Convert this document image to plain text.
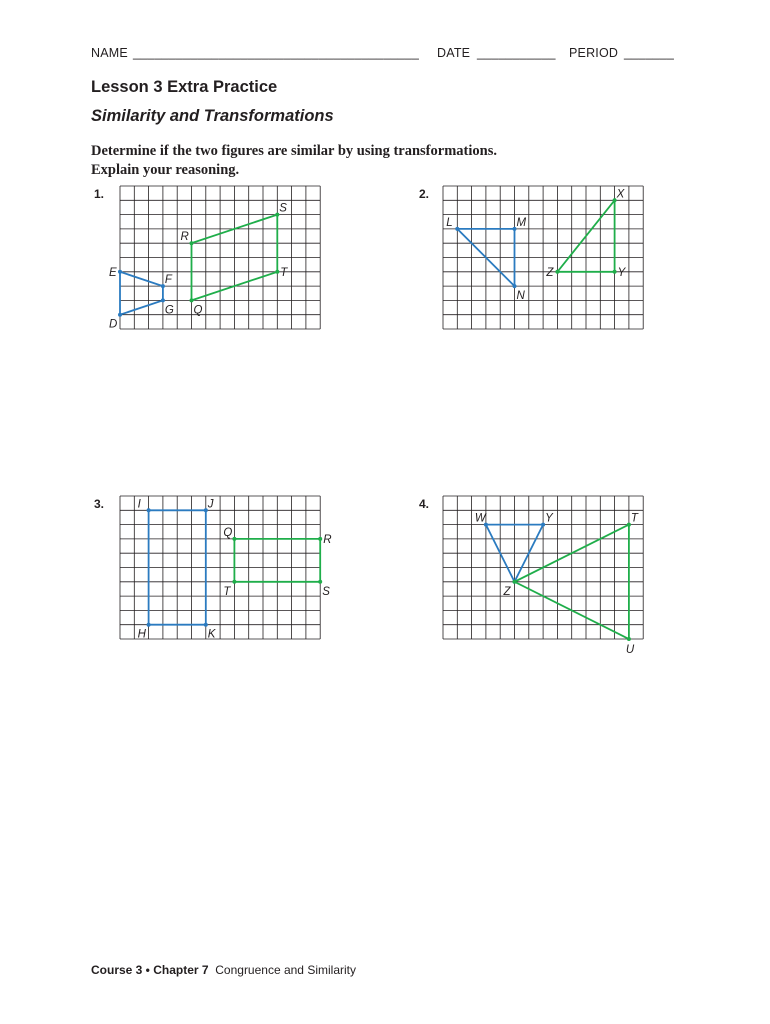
NAME ________________________________________ DATE ___________ PERIOD _______
Lesson 3 Extra Practice
Similarity and Transformations
Determine if the two figures are similar by using transformations.
Explain your reasoning.
1.	2.
3.	4.
D
E
F
G Q
R
S
T
L	M
N
X
Y
Z
H
I	J
K
Q
R
S
T
W	Y
Z
T
U
Course 3 • Chapter 7 Congruence and Similarity
